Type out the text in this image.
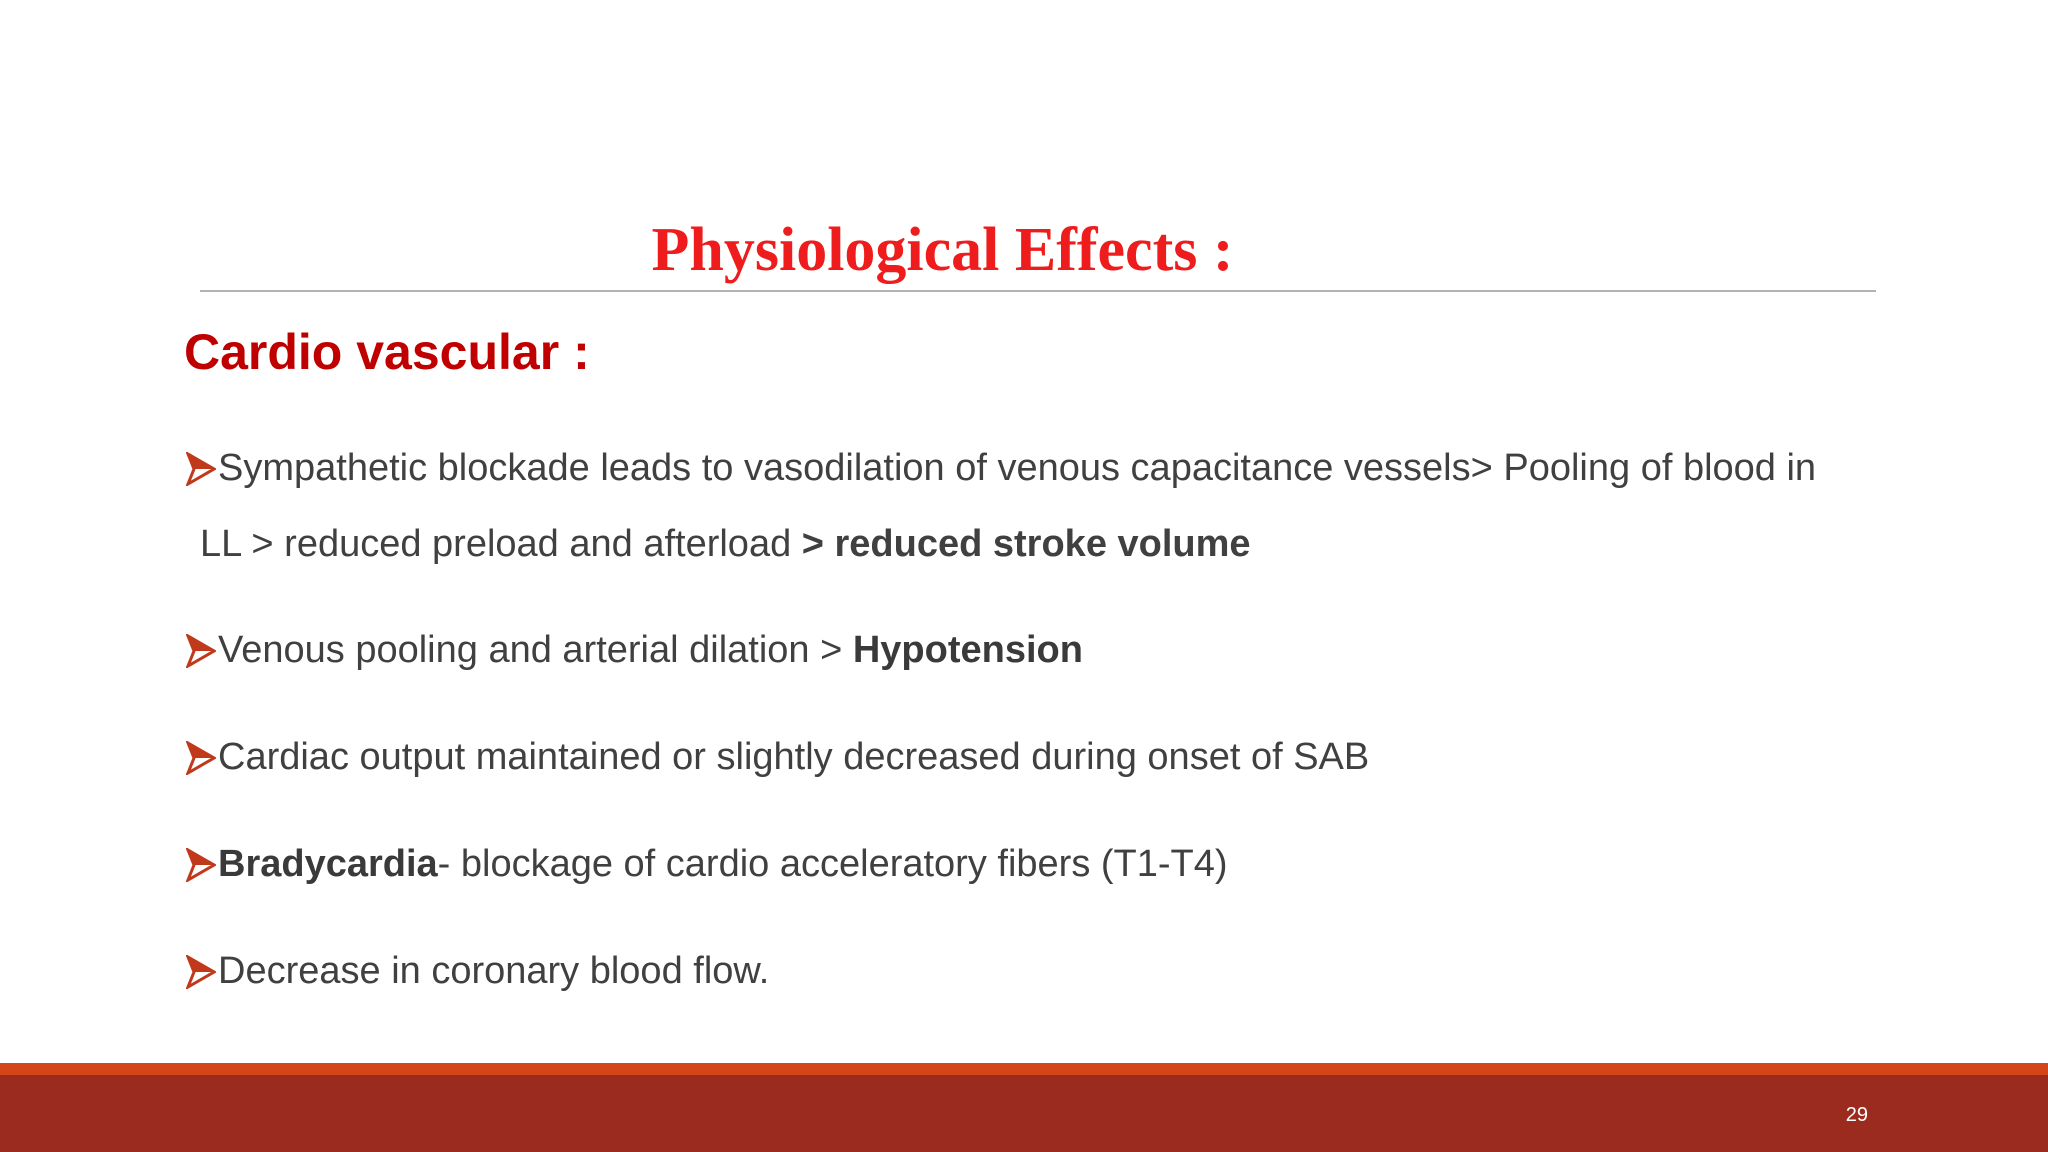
Physiological Effects :
Cardio vascular :
Sympathetic blockade leads to vasodilation of venous capacitance vessels> Pooling of blood in
LL > reduced preload and afterload > reduced stroke volume
Venous pooling and arterial dilation > Hypotension
Cardiac output maintained or slightly decreased during onset of SAB
Bradycardia- blockage of cardio acceleratory fibers (T1-T4)
Decrease in coronary blood flow.
29
